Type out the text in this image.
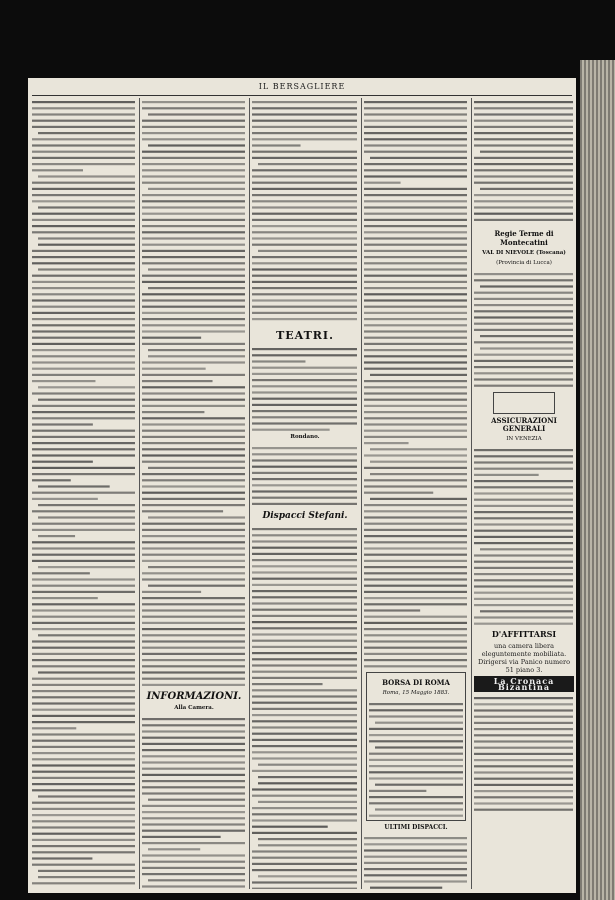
IL BERSAGLIERE
INFORMAZIONI.
Alla Camera.
TEATRI.
Rondano.
Dispacci Stefani.
BORSA DI ROMA
Roma, 15 Maggio 1883.
ULTIMI DISPACCI.
Regie Terme di Montecatini
VAL DI NIEVOLE (Toscana)
(Provincia di Lucca)
ASSICURAZIONI GENERALI
IN VENEZIA
D'AFFITTARSI
una camera libera eleguntemente mobiliata.
Dirigersi via Panico numero 51 piano 3.
La Cronaca Bizantina
